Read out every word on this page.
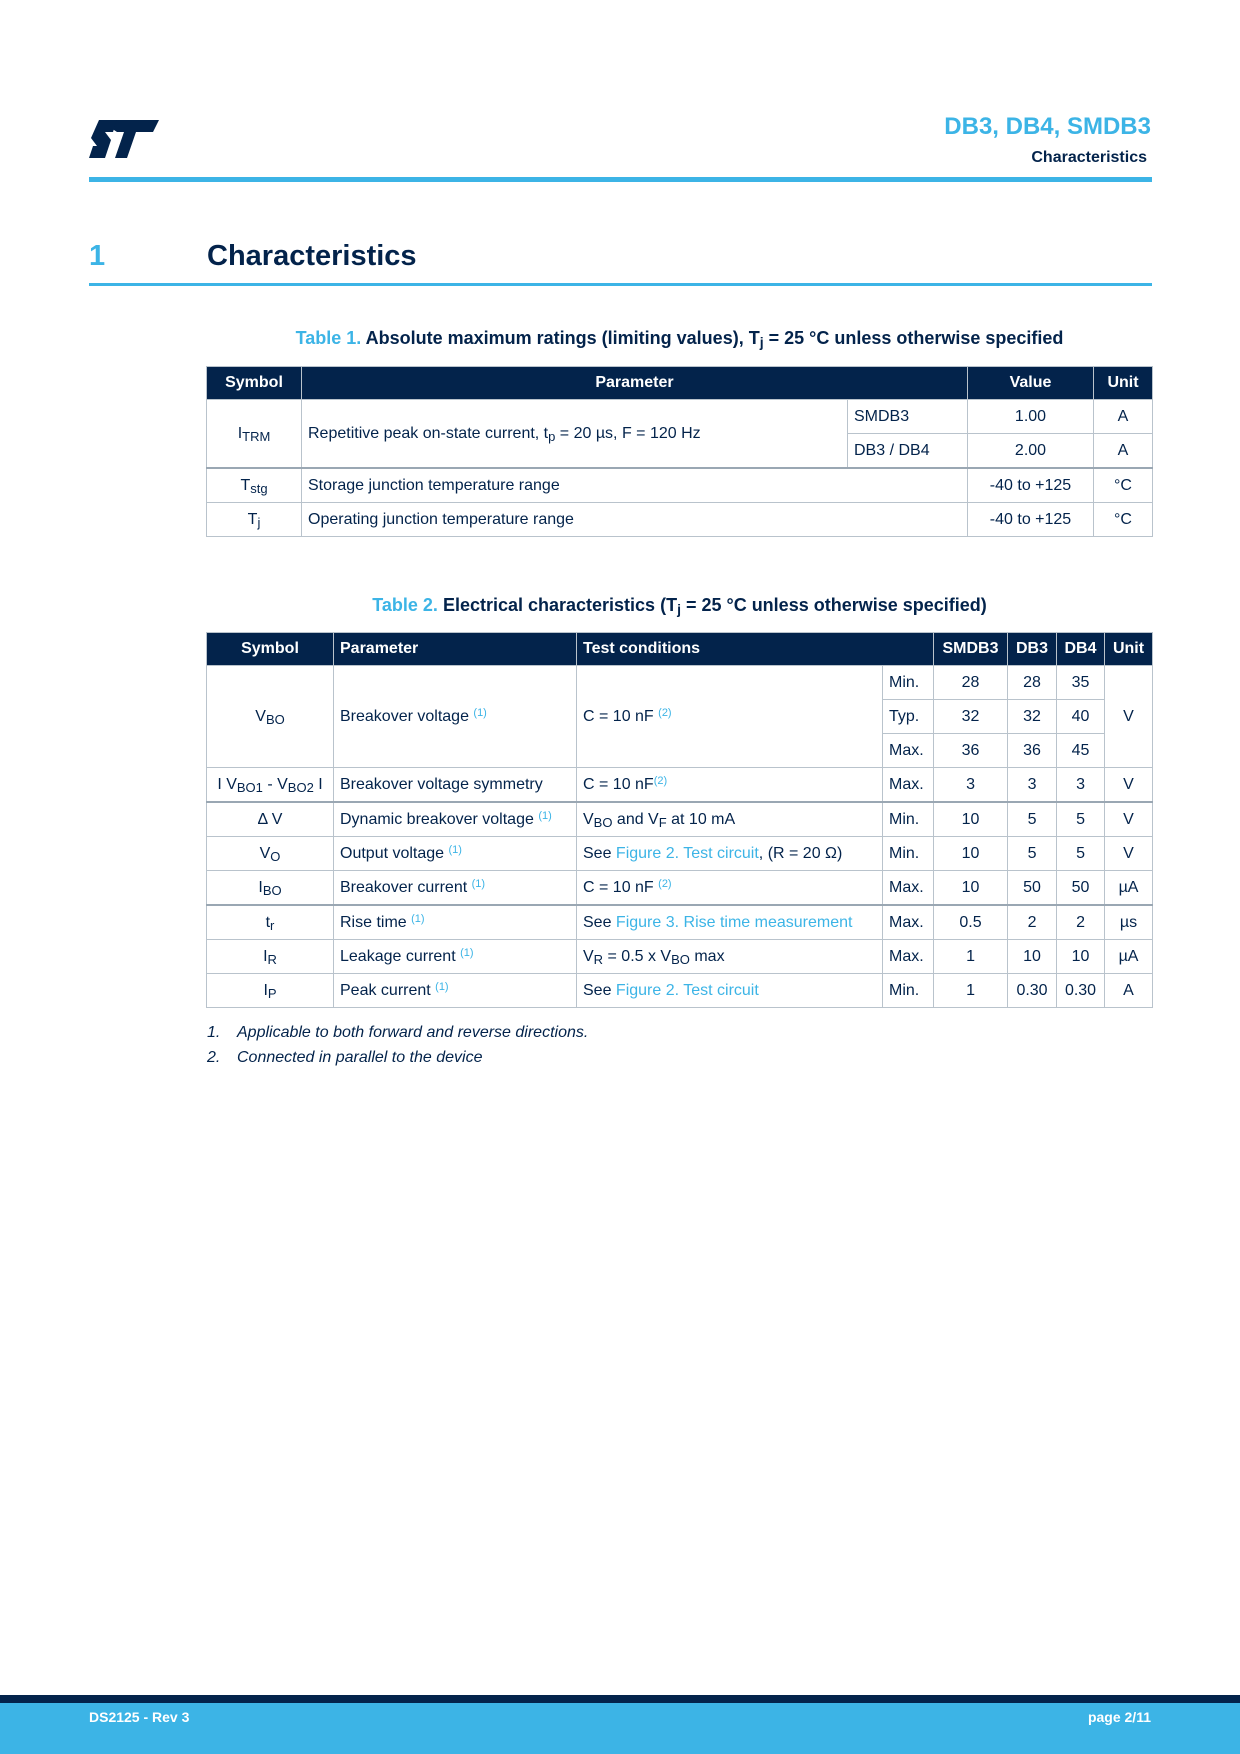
DB3, DB4, SMDB3
Characteristics
1	Characteristics
Table 1. Absolute maximum ratings (limiting values), $T_j = 25$ °C unless otherwise specified
Symbol	Parameter		Value	Unit
$I_{TRM}$	Repetitive peak on-state current, $t_p = 20$ µs, F = 120 Hz	SMDB3	1.00	A
		DB3 / DB4	2.00	A
$T_{stg}$	Storage junction temperature range		-40 to +125	°C
$T_j$	Operating junction temperature range		-40 to +125	°C
Table 2. Electrical characteristics ($T_j = 25$ °C unless otherwise specified)
Symbol	Parameter	Test conditions		SMDB3	DB3	DB4	Unit
$V_{BO}$	Breakover voltage $^{(1)}$	C = 10 nF $^{(2)}$	Min.	28	28	35	V
			Typ.	32	32	40	
			Max.	36	36	45	
I $V_{BO1} - V_{BO2}$ I	Breakover voltage symmetry	C = 10 $nF^{(2)}$	Max.	3	3	3	V
Δ V	Dynamic breakover voltage $^{(1)}$	$V_{BO}$ and $V_F$ at 10 mA	Min.	10	5	5	V
$V_O$	Output voltage $^{(1)}$	See Figure 2. Test circuit, (R = 20 Ω)	Min.	10	5	5	V
$I_{BO}$	Breakover current $^{(1)}$	C = 10 nF $^{(2)}$	Max.	10	50	50	µA
$t_r$	Rise time $^{(1)}$	See Figure 3. Rise time measurement	Max.	0.5	2	2	µs
$I_R$	Leakage current $^{(1)}$	$V_R = 0.5$ x $V_{BO}$ max	Max.	1	10	10	µA
$I_P$	Peak current $^{(1)}$	See Figure 2. Test circuit	Min.	1	0.30	0.30	A
1.	Applicable to both forward and reverse directions.
2.	Connected in parallel to the device
DS2125 - Rev 3	page 2/11
